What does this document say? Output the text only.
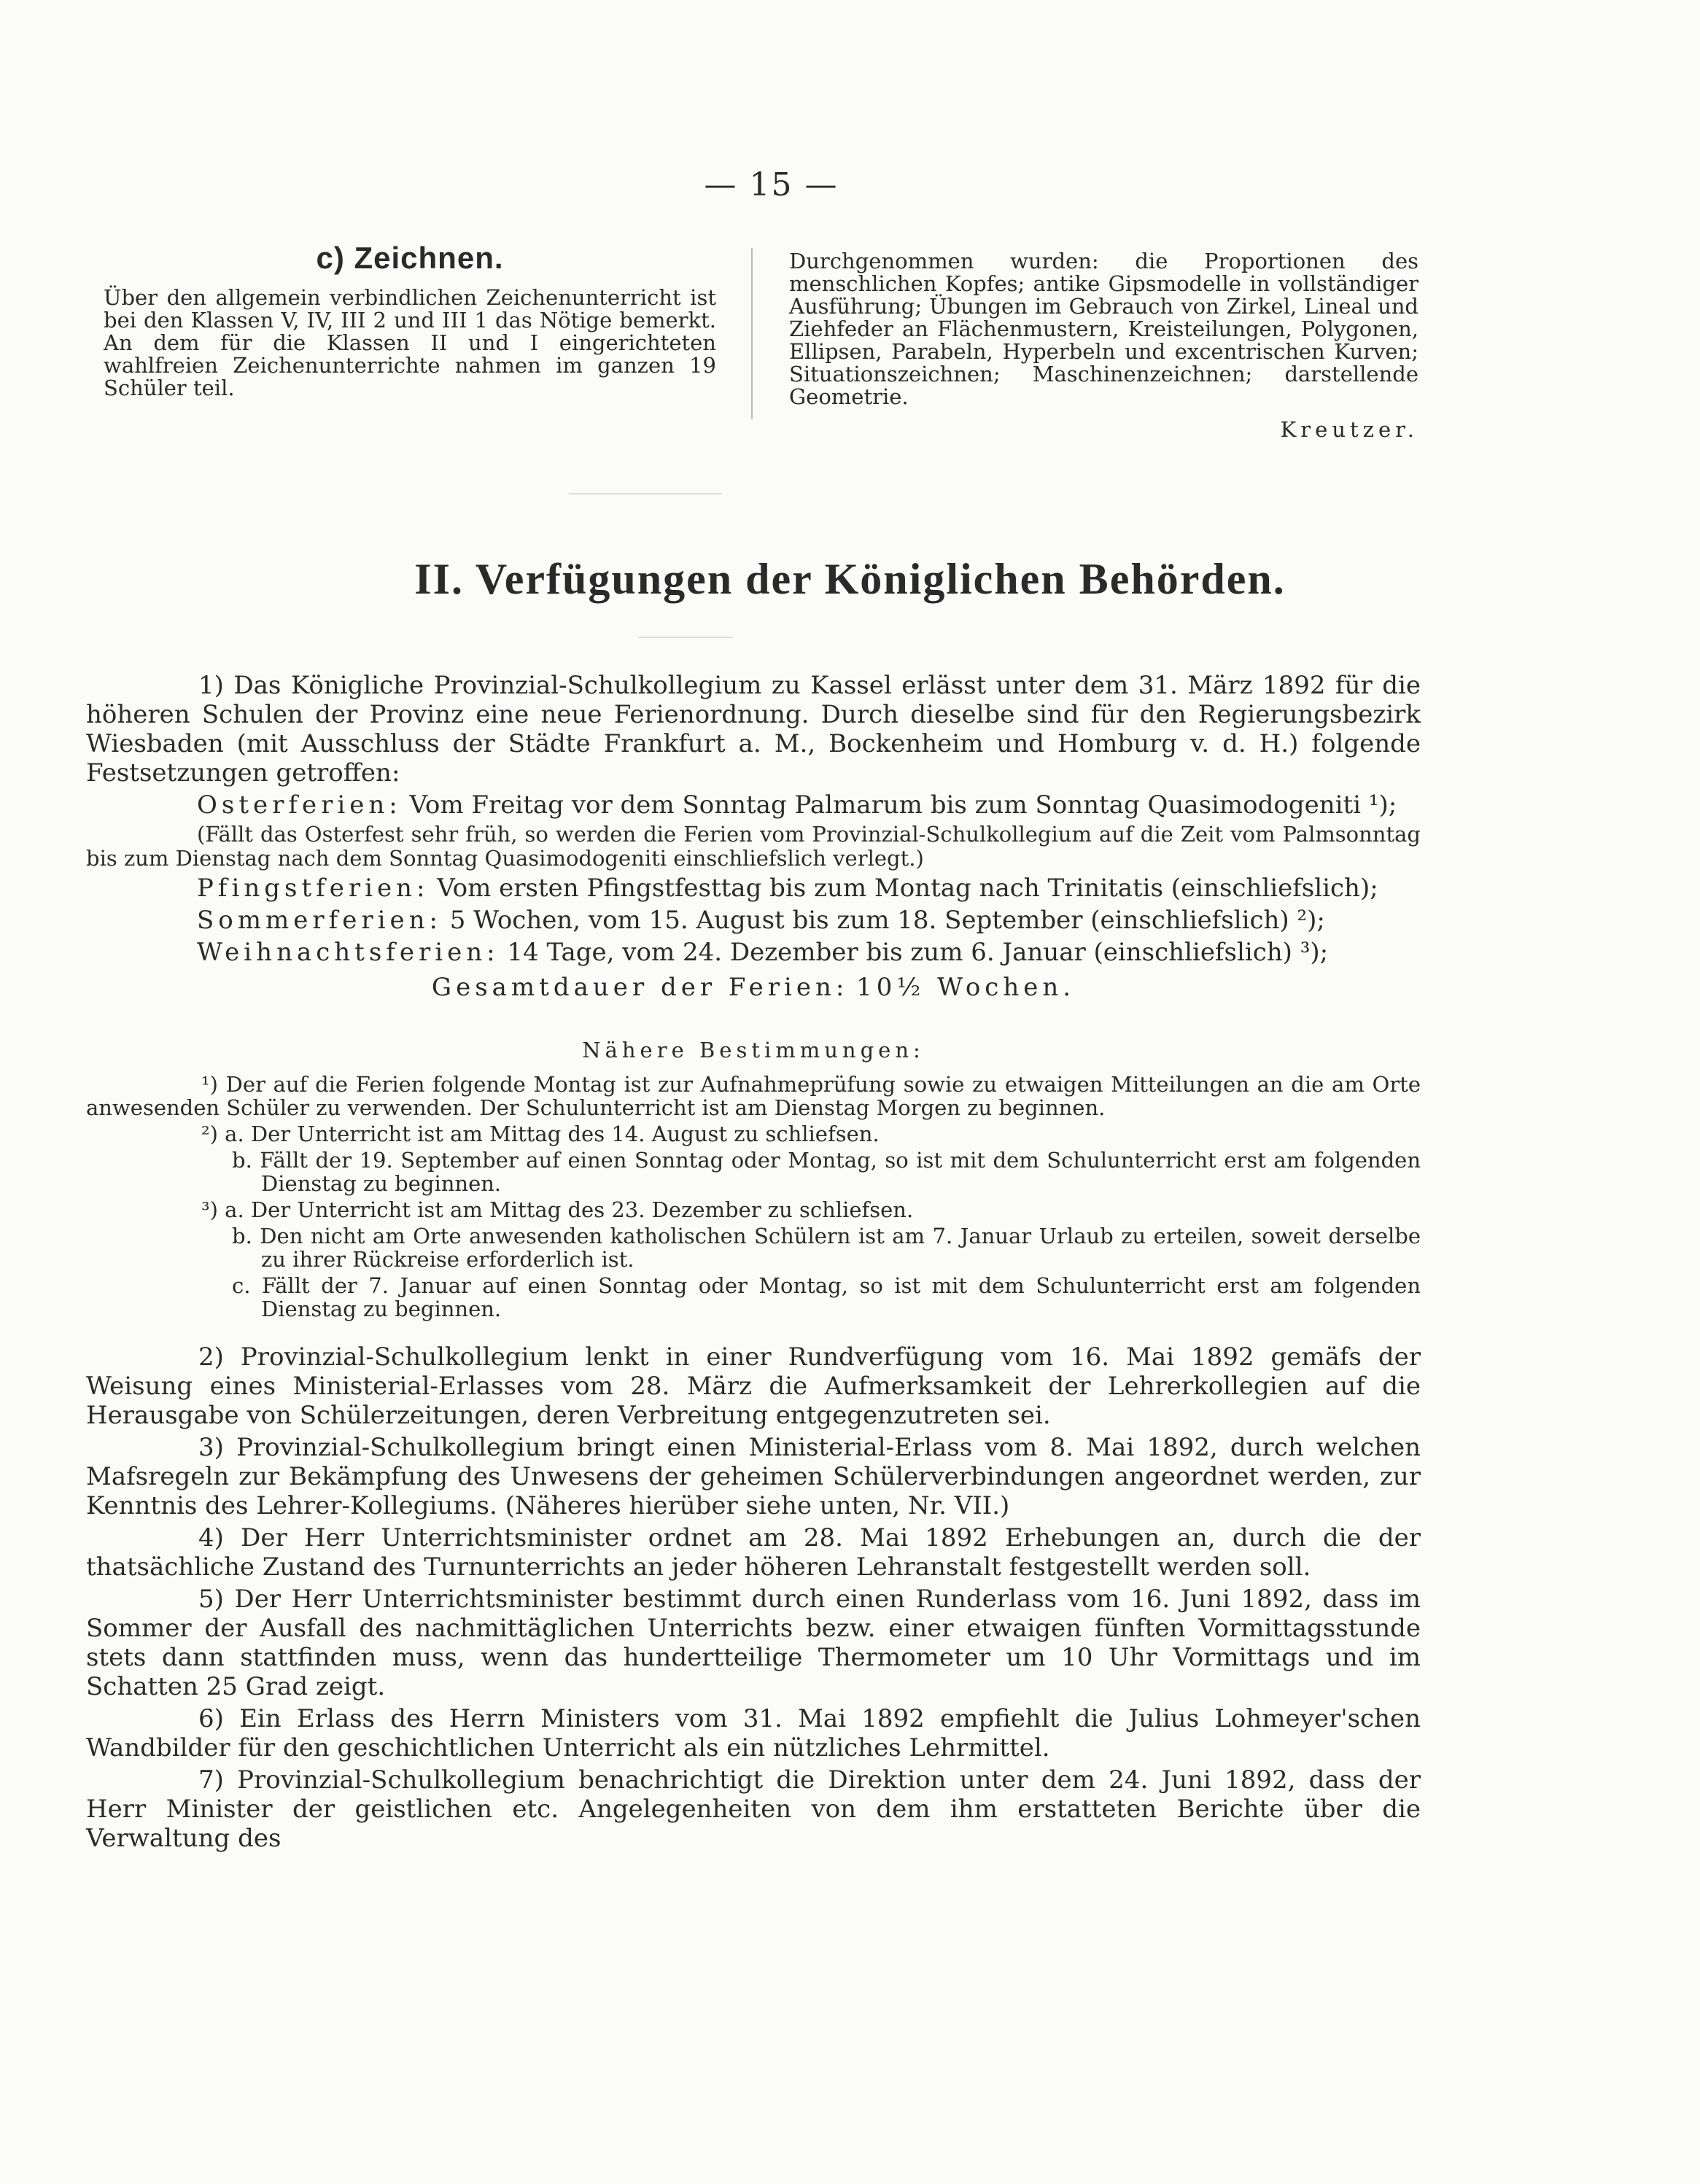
— 15 —
c) Zeichnen.
Über den allgemein verbindlichen Zeichenunterricht ist bei den Klassen V, IV, III 2 und III 1 das Nötige bemerkt. An dem für die Klassen II und I eingerichteten wahlfreien Zeichenunterrichte nahmen im ganzen 19 Schüler teil.
Durchgenommen wurden: die Proportionen des menschlichen Kopfes; antike Gipsmodelle in vollständiger Ausführung; Übungen im Gebrauch von Zirkel, Lineal und Ziehfeder an Flächenmustern, Kreisteilungen, Polygonen, Ellipsen, Parabeln, Hyperbeln und excentrischen Kurven; Situationszeichnen; Maschinenzeichnen; darstellende Geometrie.
Kreutzer.
II. Verfügungen der Königlichen Behörden.

1) Das Königliche Provinzial-Schulkollegium zu Kassel erlässt unter dem 31. März 1892 für die höheren Schulen der Provinz eine neue Ferienordnung. Durch dieselbe sind für den Regierungsbezirk Wiesbaden (mit Ausschluss der Städte Frankfurt a. M., Bockenheim und Homburg v. d. H.) folgende Festsetzungen getroffen:

Osterferien: Vom Freitag vor dem Sonntag Palmarum bis zum Sonntag Quasimodogeniti ¹);

(Fällt das Osterfest sehr früh, so werden die Ferien vom Provinzial-Schulkollegium auf die Zeit vom Palmsonntag bis zum Dienstag nach dem Sonntag Quasimodogeniti einschliefslich verlegt.)

Pfingstferien: Vom ersten Pfingstfesttag bis zum Montag nach Trinitatis (einschliefslich);

Sommerferien: 5 Wochen, vom 15. August bis zum 18. September (einschliefslich) ²);

Weihnachtsferien: 14 Tage, vom 24. Dezember bis zum 6. Januar (einschliefslich) ³);

Gesamtdauer der Ferien: 10½ Wochen.

Nähere Bestimmungen:

¹) Der auf die Ferien folgende Montag ist zur Aufnahmeprüfung sowie zu etwaigen Mitteilungen an die am Orte anwesenden Schüler zu verwenden. Der Schulunterricht ist am Dienstag Morgen zu beginnen.

²) a. Der Unterricht ist am Mittag des 14. August zu schliefsen.

b. Fällt der 19. September auf einen Sonntag oder Montag, so ist mit dem Schulunterricht erst am folgenden Dienstag zu beginnen.

³) a. Der Unterricht ist am Mittag des 23. Dezember zu schliefsen.

b. Den nicht am Orte anwesenden katholischen Schülern ist am 7. Januar Urlaub zu erteilen, soweit derselbe zu ihrer Rückreise erforderlich ist.

c. Fällt der 7. Januar auf einen Sonntag oder Montag, so ist mit dem Schulunterricht erst am folgenden Dienstag zu beginnen.

2) Provinzial-Schulkollegium lenkt in einer Rundverfügung vom 16. Mai 1892 gemäfs der Weisung eines Ministerial-Erlasses vom 28. März die Aufmerksamkeit der Lehrerkollegien auf die Herausgabe von Schülerzeitungen, deren Verbreitung entgegenzutreten sei.

3) Provinzial-Schulkollegium bringt einen Ministerial-Erlass vom 8. Mai 1892, durch welchen Mafsregeln zur Bekämpfung des Unwesens der geheimen Schülerverbindungen angeordnet werden, zur Kenntnis des Lehrer-Kollegiums. (Näheres hierüber siehe unten, Nr. VII.)

4) Der Herr Unterrichtsminister ordnet am 28. Mai 1892 Erhebungen an, durch die der thatsächliche Zustand des Turnunterrichts an jeder höheren Lehranstalt festgestellt werden soll.

5) Der Herr Unterrichtsminister bestimmt durch einen Runderlass vom 16. Juni 1892, dass im Sommer der Ausfall des nachmittäglichen Unterrichts bezw. einer etwaigen fünften Vormittagsstunde stets dann stattfinden muss, wenn das hundertteilige Thermometer um 10 Uhr Vormittags und im Schatten 25 Grad zeigt.

6) Ein Erlass des Herrn Ministers vom 31. Mai 1892 empfiehlt die Julius Lohmeyer'schen Wandbilder für den geschichtlichen Unterricht als ein nützliches Lehrmittel.

7) Provinzial-Schulkollegium benachrichtigt die Direktion unter dem 24. Juni 1892, dass der Herr Minister der geistlichen etc. Angelegenheiten von dem ihm erstatteten Berichte über die Verwaltung des
